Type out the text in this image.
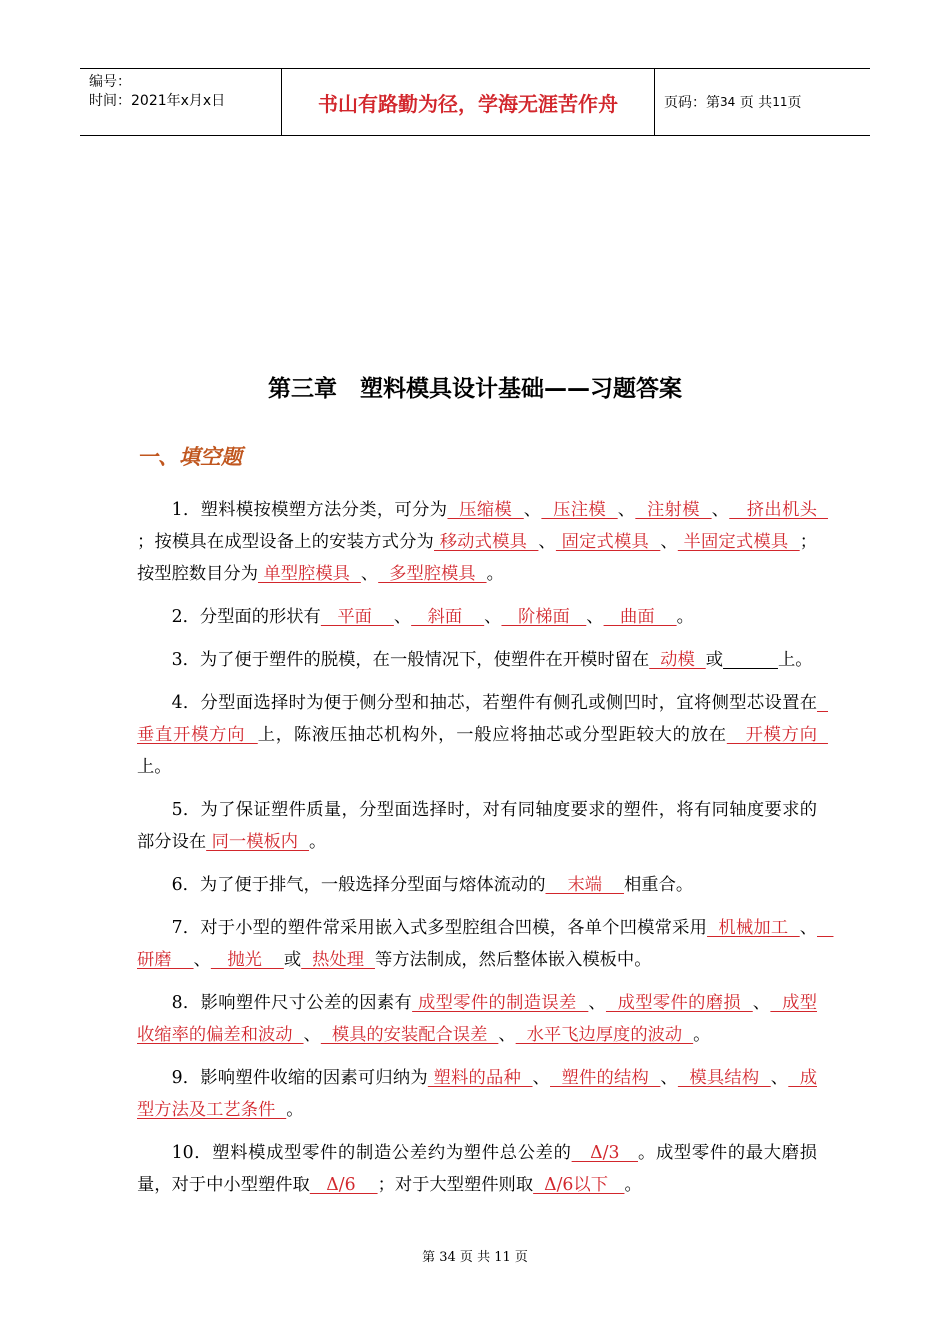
编号：
时间：2021年x月x日	书山有路勤为径，学海无涯苦作舟	页码：第 34
页 共 11 页
第三章　塑料模具设计基础——习题答案
一、填空题

1．塑料模按模塑方法分类，可分为  压缩模  、  压注模  、  注射模  、   挤出机头  ；按模具在成型设备上的安装方式分为 移动式模具  、 固定式模具  、 半固定式模具  ；按型腔数目分为 单型腔模具  、  多型腔模具  。

2．分型面的形状有   平面    、   斜面    、   阶梯面   、   曲面    。

3．为了便于塑件的脱模，在一般情况下，使塑件在开模时留在  动模  或	上。

4．分型面选择时为便于侧分型和抽芯，若塑件有侧孔或侧凹时，宜将侧型芯设置在  垂直开模方向  上，陈液压抽芯机构外，一般应将抽芯或分型距较大的放在   开模方向  上。

5．为了保证塑件质量，分型面选择时，对有同轴度要求的塑件，将有同轴度要求的部分设在 同一模板内  。

6．为了便于排气，一般选择分型面与熔体流动的    末端    相重合。

7．对于小型的塑件常采用嵌入式多型腔组合凹模，各单个凹模常采用  机械加工  、   研磨    、   抛光    或  热处理  等方法制成，然后整体嵌入模板中。

8．影响塑件尺寸公差的因素有 成型零件的制造误差  、  成型零件的磨损  、  成型收缩率的偏差和波动  、  模具的安装配合误差  、  水平飞边厚度的波动  。

9．影响塑件收缩的因素可归纳为 塑料的品种  、  塑件的结构  、  模具结构  、  成型方法及工艺条件  。

10．塑料模成型零件的制造公差约为塑件总公差的   Δ/3   。成型零件的最大磨损量，对于中小型塑件取   Δ/6    ；对于大型塑件则取  Δ/6以下   。

第 34 页 共 11 页
